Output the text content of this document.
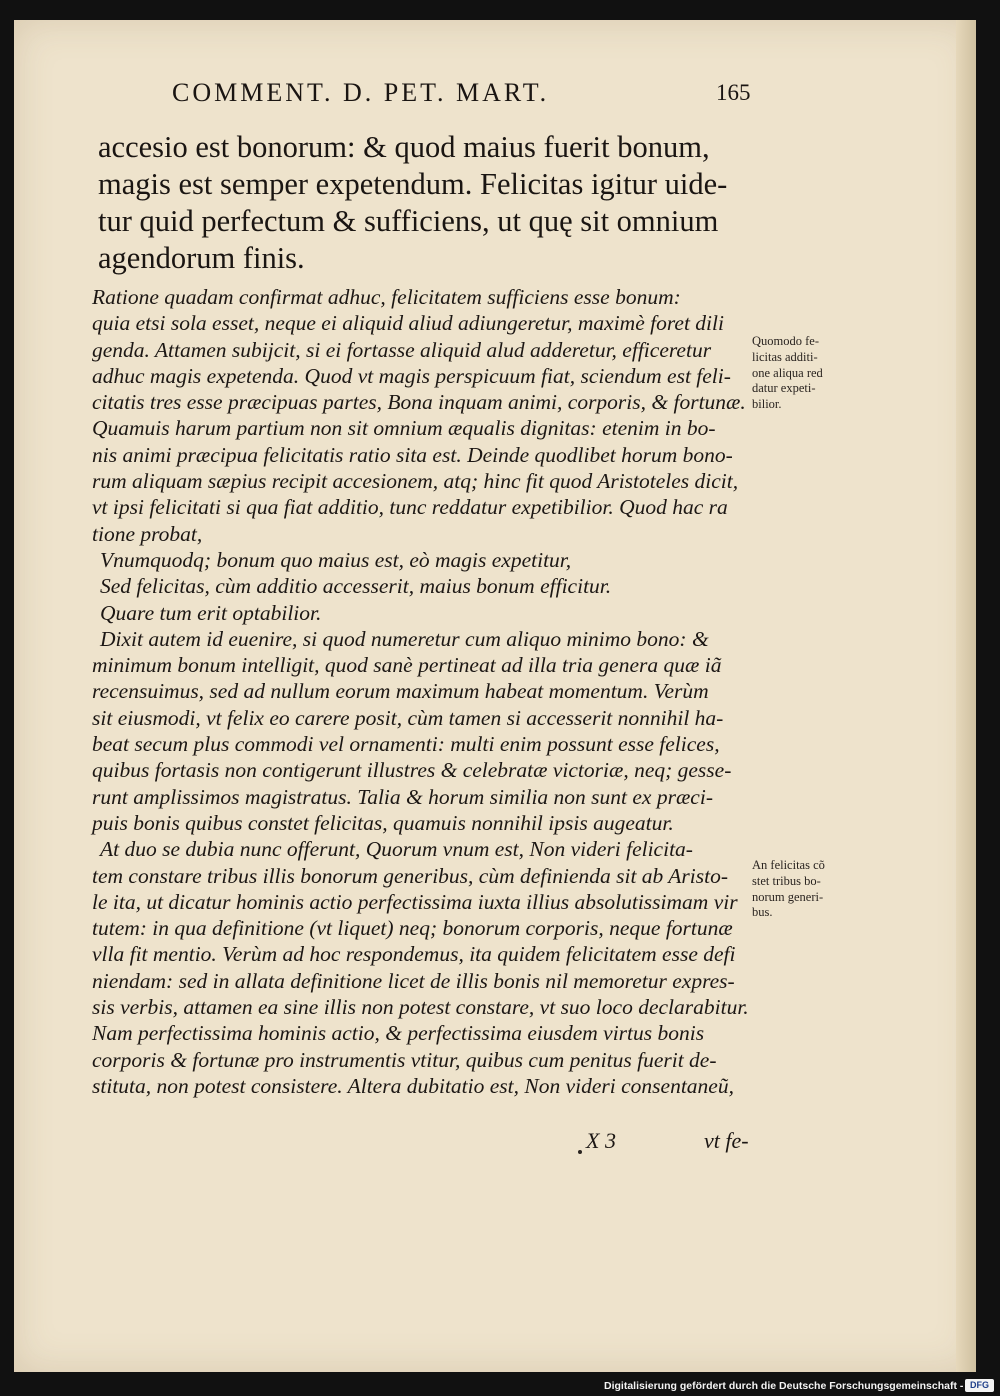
COMMENT. D. PET. MART.	165
accesio est bonorum: & quod maius fuerit bonum,
magis est semper expetendum. Felicitas igitur uide-
tur quid perfectum & sufficiens, ut quę sit omnium
agendorum finis.
Ratione quadam confirmat adhuc, felicitatem sufficiens esse bonum:
quia etsi sola esset, neque ei aliquid aliud adiungeretur, maximè foret dili
genda. Attamen subijcit, si ei fortasse aliquid alud adderetur, efficeretur
adhuc magis expetenda. Quod vt magis perspicuum fiat, sciendum est feli-
citatis tres esse præcipuas partes, Bona inquam animi, corporis, & fortunæ.
Quamuis harum partium non sit omnium æqualis dignitas: etenim in bo-
nis animi præcipua felicitatis ratio sita est. Deinde quodlibet horum bono-
rum aliquam sæpius recipit accesionem, atq; hinc fit quod Aristoteles dicit,
vt ipsi felicitati si qua fiat additio, tunc reddatur expetibilior. Quod hac ra
tione probat,
Vnumquodq; bonum quo maius est, eò magis expetitur,
Sed felicitas, cùm additio accesserit, maius bonum efficitur.
Quare tum erit optabilior.
Dixit autem id euenire, si quod numeretur cum aliquo minimo bono: &
minimum bonum intelligit, quod sanè pertineat ad illa tria genera quæ iã
recensuimus, sed ad nullum eorum maximum habeat momentum. Verùm
sit eiusmodi, vt felix eo carere posit, cùm tamen si accesserit nonnihil ha-
beat secum plus commodi vel ornamenti: multi enim possunt esse felices,
quibus fortasis non contigerunt illustres & celebratæ victoriæ, neq; gesse-
runt amplissimos magistratus. Talia & horum similia non sunt ex præci-
puis bonis quibus constet felicitas, quamuis nonnihil ipsis augeatur.
At duo se dubia nunc offerunt, Quorum vnum est, Non videri felicita-
tem constare tribus illis bonorum generibus, cùm definienda sit ab Aristo-
le ita, ut dicatur hominis actio perfectissima iuxta illius absolutissimam vir
tutem: in qua definitione (vt liquet) neq; bonorum corporis, neque fortunæ
vlla fit mentio. Verùm ad hoc respondemus, ita quidem felicitatem esse defi
niendam: sed in allata definitione licet de illis bonis nil memoretur expres-
sis verbis, attamen ea sine illis non potest constare, vt suo loco declarabitur.
Nam perfectissima hominis actio, & perfectissima eiusdem virtus bonis
corporis & fortunæ pro instrumentis vtitur, quibus cum penitus fuerit de-
stituta, non potest consistere. Altera dubitatio est, Non videri consentaneũ,
Quomodo fe-
licitas additi-
one aliqua red
datur expeti-
bilior.
An felicitas cõ
stet tribus bo-
norum generi-
bus.
X 3	vt fe-
Digitalisierung gefördert durch die Deutsche Forschungsgemeinschaft - DFG
